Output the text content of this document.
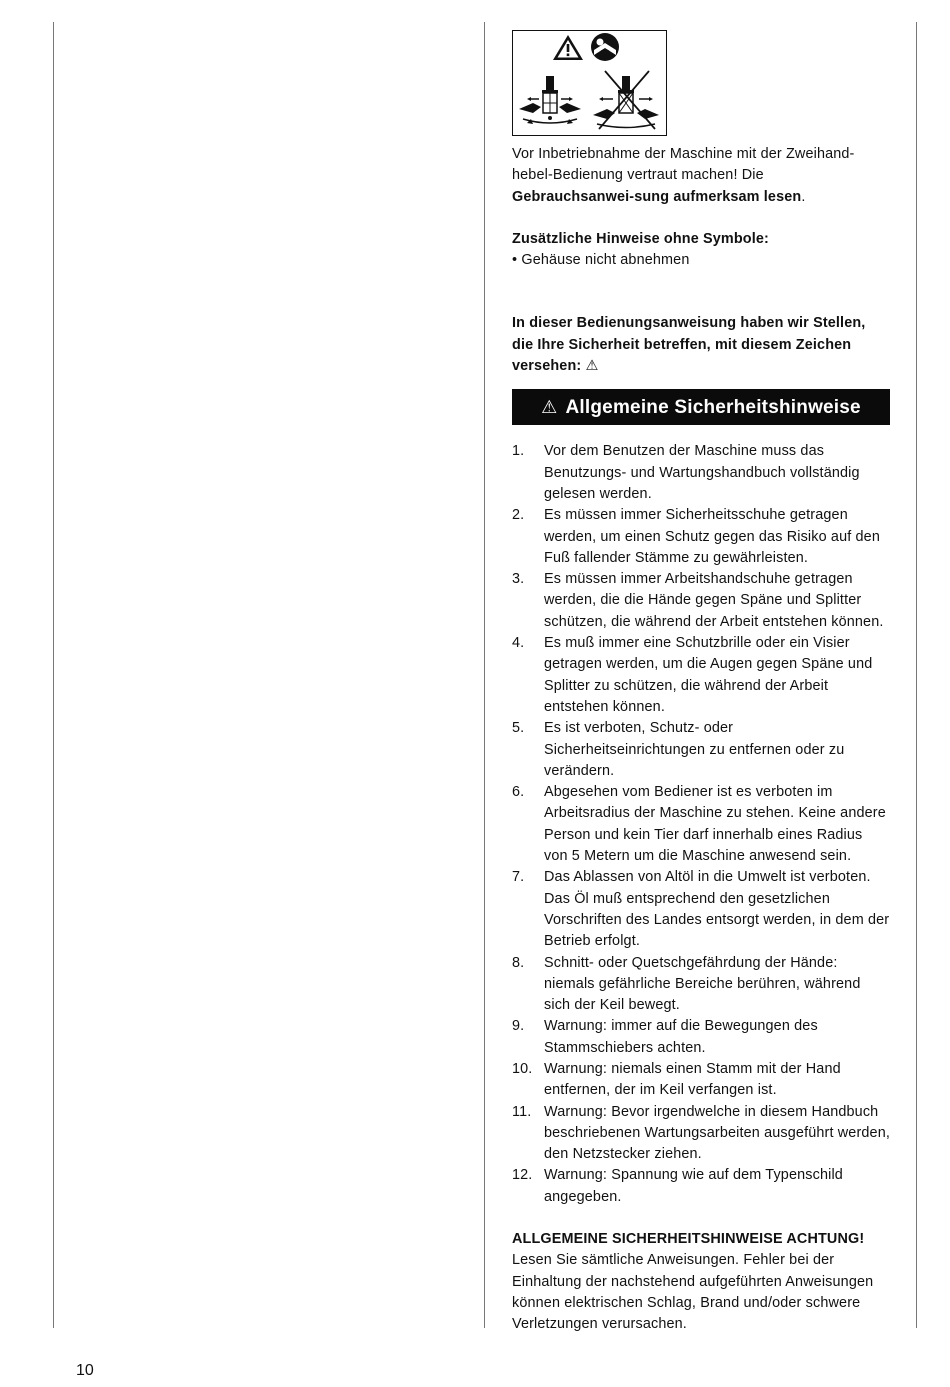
Vor Inbetriebnahme der Maschine mit der Zweihand-hebel-Bedienung vertraut machen! Die Gebrauchsanwei-sung aufmerksam lesen.

Zusätzliche Hinweise ohne Symbole:

• Gehäuse nicht abnehmen

In dieser Bedienungsanweisung haben wir Stellen, die Ihre Sicherheit betreffen, mit diesem Zeichen versehen: ⚠

⚠ Allgemeine Sicherheitshinweise
1.	Vor dem Benutzen der Maschine muss das Benutzungs- und Wartungshandbuch vollständig gelesen werden.
2.	Es müssen immer Sicherheitsschuhe getragen werden, um einen Schutz gegen das Risiko auf den Fuß fallender Stämme zu gewährleisten.
3.	Es müssen immer Arbeitshandschuhe getragen werden, die die Hände gegen Späne und Splitter schützen, die während der Arbeit entstehen können.
4.	Es muß immer eine Schutzbrille oder ein Visier getragen werden, um die Augen gegen Späne und Splitter zu schützen, die während der Arbeit entstehen können.
5.	Es ist verboten, Schutz- oder Sicherheitseinrichtungen zu entfernen oder zu verändern.
6.	Abgesehen vom Bediener ist es verboten im Arbeitsradius der Maschine zu stehen. Keine andere Person und kein Tier darf innerhalb eines Radius von 5 Metern um die Maschine anwesend sein.
7.	Das Ablassen von Altöl in die Umwelt ist verboten. Das Öl muß entsprechend den gesetzlichen Vorschriften des Landes entsorgt werden, in dem der Betrieb erfolgt.
8.	Schnitt- oder Quetschgefährdung der Hände: niemals gefährliche Bereiche berühren, während sich der Keil bewegt.
9.	Warnung: immer auf die Bewegungen des Stammschiebers achten.
10. Warnung: niemals einen Stamm mit der Hand entfernen, der im Keil verfangen ist.
11. Warnung: Bevor irgendwelche in diesem Handbuch beschriebenen Wartungsarbeiten ausgeführt werden, den Netzstecker ziehen.
12. Warnung: Spannung wie auf dem Typenschild angegeben.

ALLGEMEINE SICHERHEITSHINWEISE ACHTUNG! Lesen Sie sämtliche Anweisungen. Fehler bei der Einhaltung der nachstehend aufgeführten Anweisungen können elektrischen Schlag, Brand und/oder schwere Verletzungen verursachen.

10
